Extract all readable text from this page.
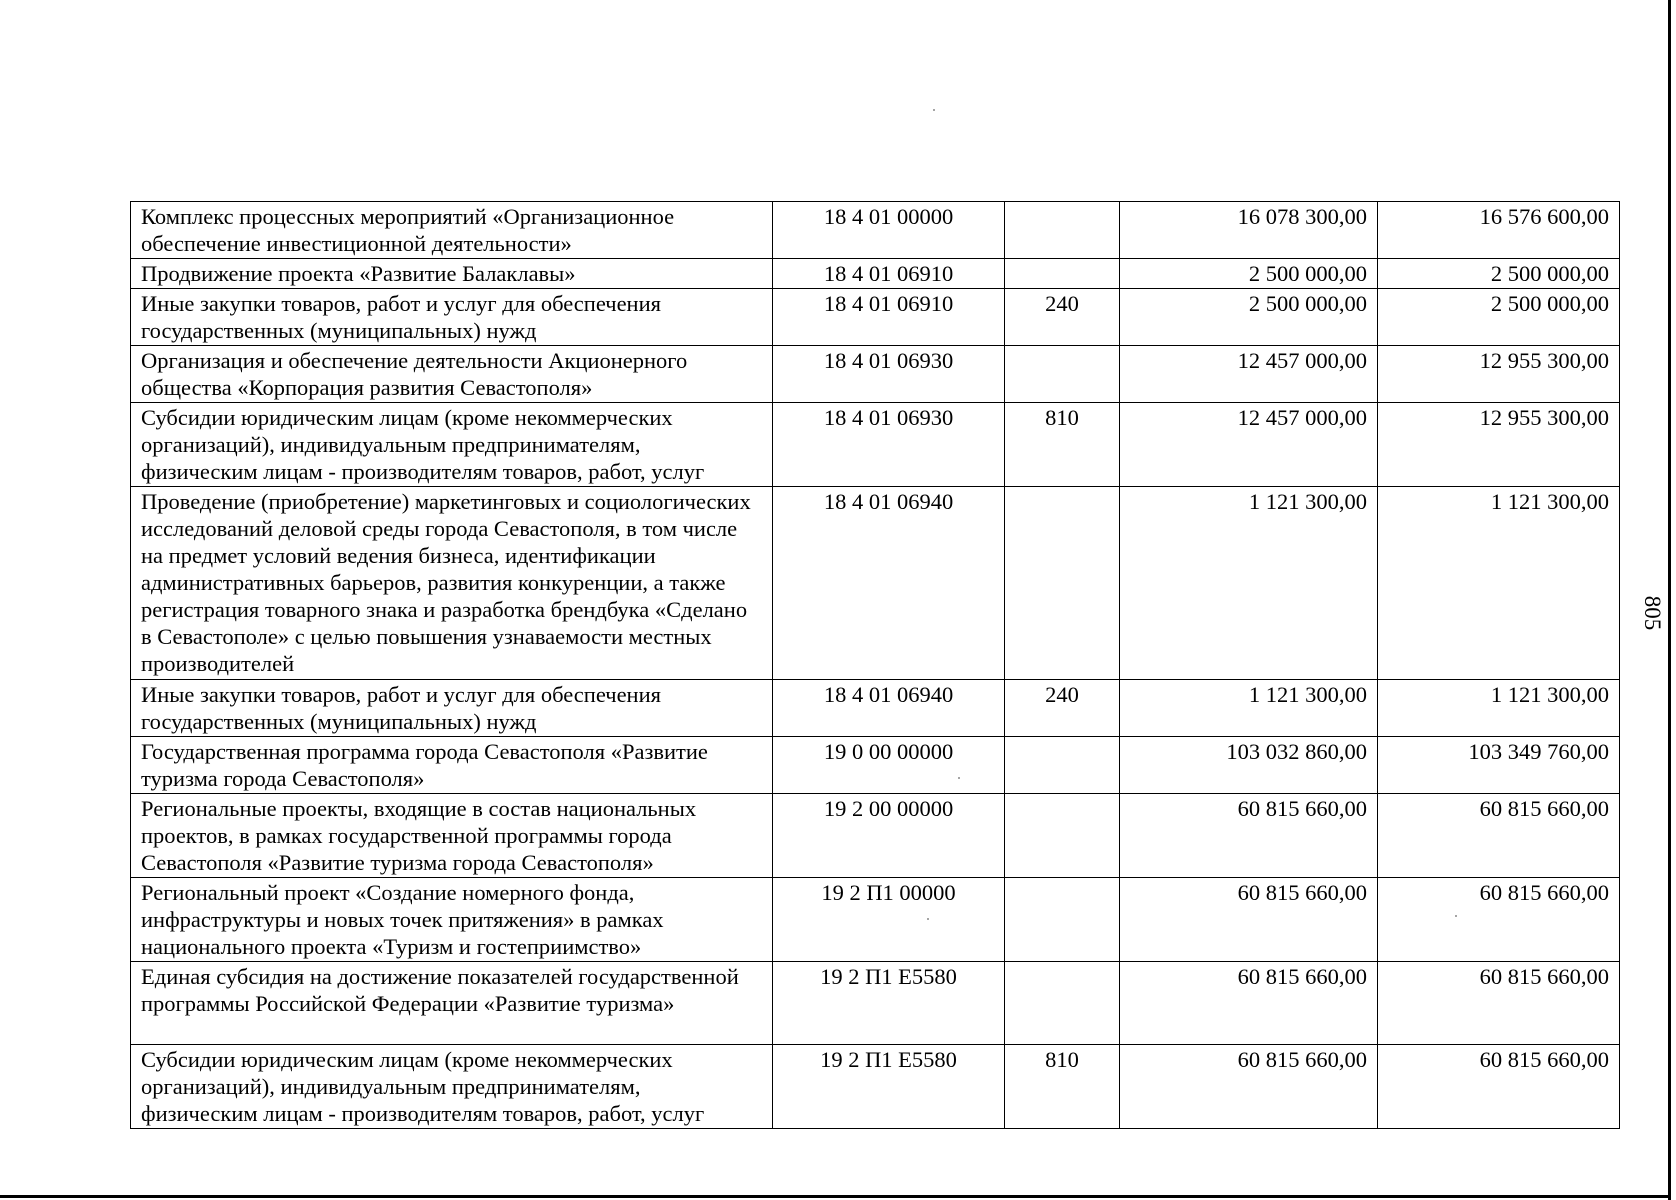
805
Комплекс процессных мероприятий «Организационное обеспечение инвестиционной деятельности»	18 4 01 00000		16 078 300,00	16 576 600,00
Продвижение проекта «Развитие Балаклавы»	18 4 01 06910		2 500 000,00	2 500 000,00
Иные закупки товаров, работ и услуг для обеспечения государственных (муниципальных) нужд	18 4 01 06910	240	2 500 000,00	2 500 000,00
Организация и обеспечение деятельности Акционерного общества «Корпорация развития Севастополя»	18 4 01 06930		12 457 000,00	12 955 300,00
Субсидии юридическим лицам (кроме некоммерческих организаций), индивидуальным предпринимателям, физическим лицам - производителям товаров, работ, услуг	18 4 01 06930	810	12 457 000,00	12 955 300,00
Проведение (приобретение) маркетинговых и социологических исследований деловой среды города Севастополя, в том числе на предмет условий ведения бизнеса, идентификации административных барьеров, развития конкуренции, а также регистрация товарного знака и разработка брендбука «Сделано в Севастополе» с целью повышения узнаваемости местных производителей	18 4 01 06940		1 121 300,00	1 121 300,00
Иные закупки товаров, работ и услуг для обеспечения государственных (муниципальных) нужд	18 4 01 06940	240	1 121 300,00	1 121 300,00
Государственная программа города Севастополя «Развитие туризма города Севастополя»	19 0 00 00000		103 032 860,00	103 349 760,00
Региональные проекты, входящие в состав национальных проектов, в рамках государственной программы города Севастополя «Развитие туризма города Севастополя»	19 2 00 00000		60 815 660,00	60 815 660,00
Региональный проект «Создание номерного фонда, инфраструктуры и новых точек притяжения» в рамках национального проекта «Туризм и гостеприимство»	19 2 П1 00000		60 815 660,00	60 815 660,00
Единая субсидия на достижение показателей государственной программы Российской Федерации «Развитие туризма»	19 2 П1 Е5580		60 815 660,00	60 815 660,00
Субсидии юридическим лицам (кроме некоммерческих организаций), индивидуальным предпринимателям, физическим лицам - производителям товаров, работ, услуг	19 2 П1 Е5580	810	60 815 660,00	60 815 660,00
